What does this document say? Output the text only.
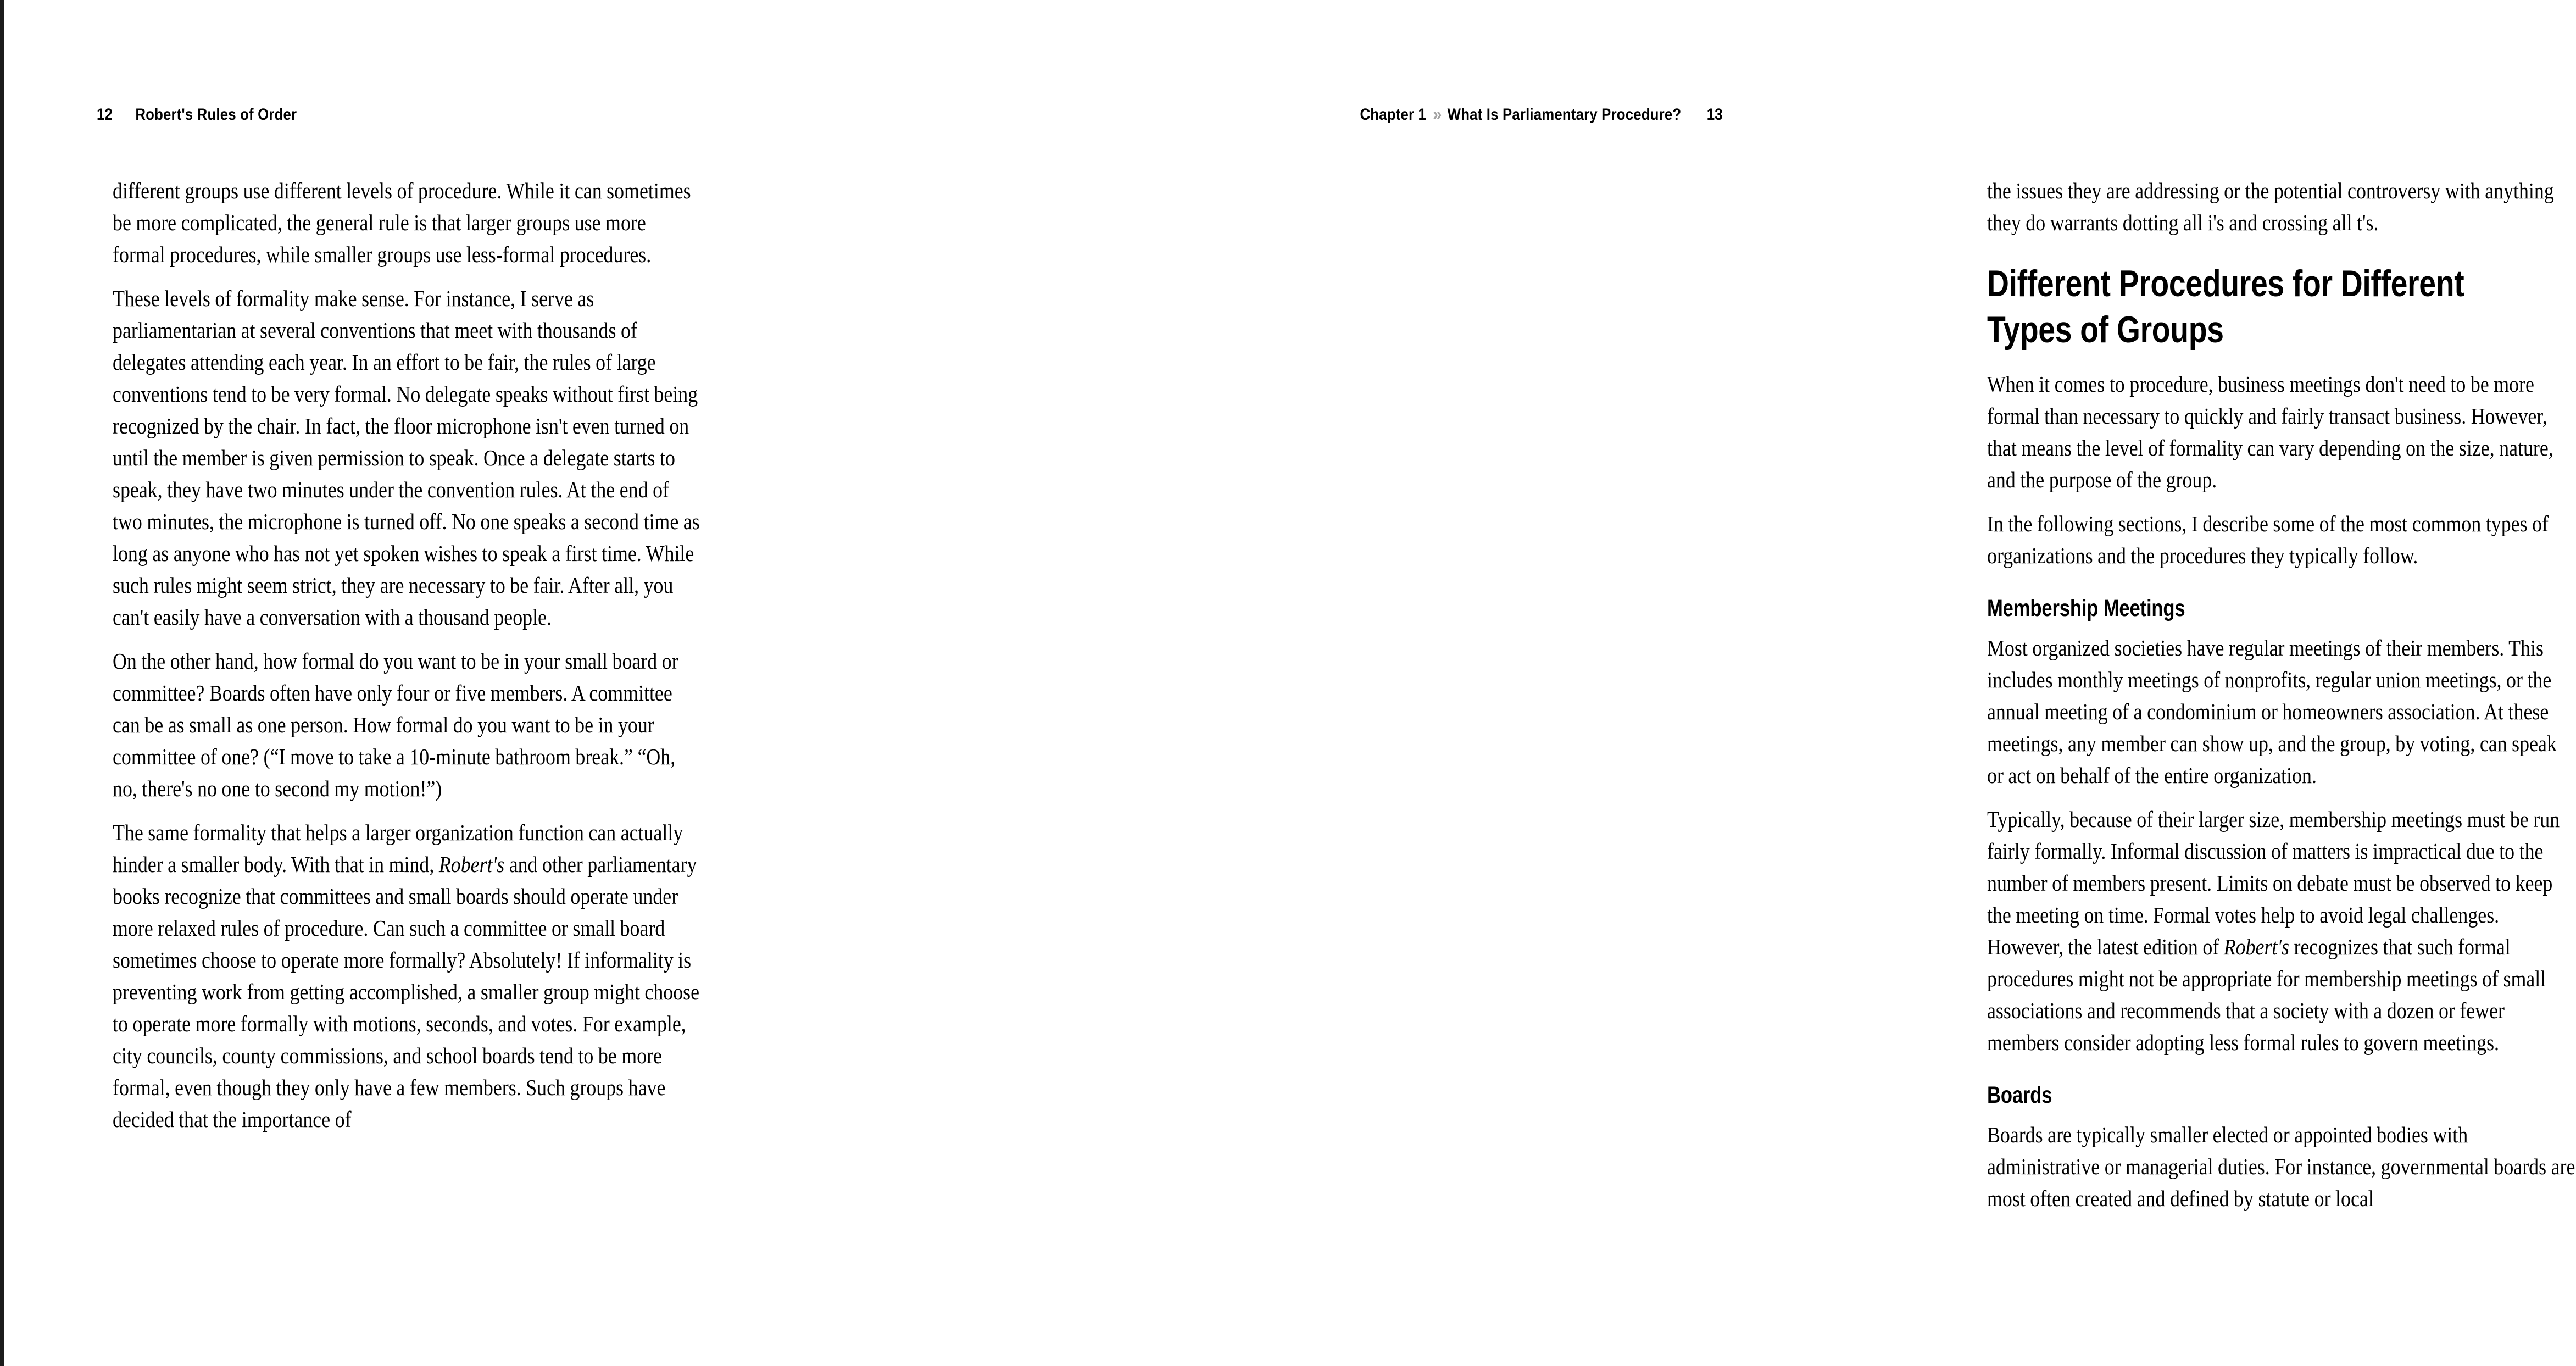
12 Robert's Rules of Order

different groups use different levels of procedure. While it can sometimes be more complicated, the general rule is that larger groups use more formal procedures, while smaller groups use less-formal procedures.

These levels of formality make sense. For instance, I serve as parliamentarian at several conventions that meet with thousands of delegates attending each year. In an effort to be fair, the rules of large conventions tend to be very formal. No delegate speaks without first being recognized by the chair. In fact, the floor microphone isn't even turned on until the member is given permission to speak. Once a delegate starts to speak, they have two minutes under the convention rules. At the end of two minutes, the microphone is turned off. No one speaks a second time as long as anyone who has not yet spoken wishes to speak a first time. While such rules might seem strict, they are necessary to be fair. After all, you can't easily have a conversation with a thousand people.

On the other hand, how formal do you want to be in your small board or committee? Boards often have only four or five members. A committee can be as small as one person. How formal do you want to be in your committee of one? (“I move to take a 10-minute bathroom break.” “Oh, no, there's no one to second my motion!”)

The same formality that helps a larger organization function can actually hinder a smaller body. With that in mind, Robert's and other parliamentary books recognize that committees and small boards should operate under more relaxed rules of procedure. Can such a committee or small board sometimes choose to operate more formally? Absolutely! If informality is preventing work from getting accomplished, a smaller group might choose to operate more formally with motions, seconds, and votes. For example, city councils, county commissions, and school boards tend to be more formal, even though they only have a few members. Such groups have decided that the importance of

Chapter 1 » What Is Parliamentary Procedure? 13

the issues they are addressing or the potential controversy with anything they do warrants dotting all i's and crossing all t's.

Different Procedures for Different Types of Groups

When it comes to procedure, business meetings don't need to be more formal than necessary to quickly and fairly transact business. However, that means the level of formality can vary depending on the size, nature, and the purpose of the group.

In the following sections, I describe some of the most common types of organizations and the procedures they typically follow.

Membership Meetings

Most organized societies have regular meetings of their members. This includes monthly meetings of nonprofits, regular union meetings, or the annual meeting of a condominium or homeowners association. At these meetings, any member can show up, and the group, by voting, can speak or act on behalf of the entire organization.

Typically, because of their larger size, membership meetings must be run fairly formally. Informal discussion of matters is impractical due to the number of members present. Limits on debate must be observed to keep the meeting on time. Formal votes help to avoid legal challenges. However, the latest edition of Robert's recognizes that such formal procedures might not be appropriate for membership meetings of small associations and recommends that a society with a dozen or fewer members consider adopting less formal rules to govern meetings.

Boards

Boards are typically smaller elected or appointed bodies with administrative or managerial duties. For instance, governmental boards are most often created and defined by statute or local
